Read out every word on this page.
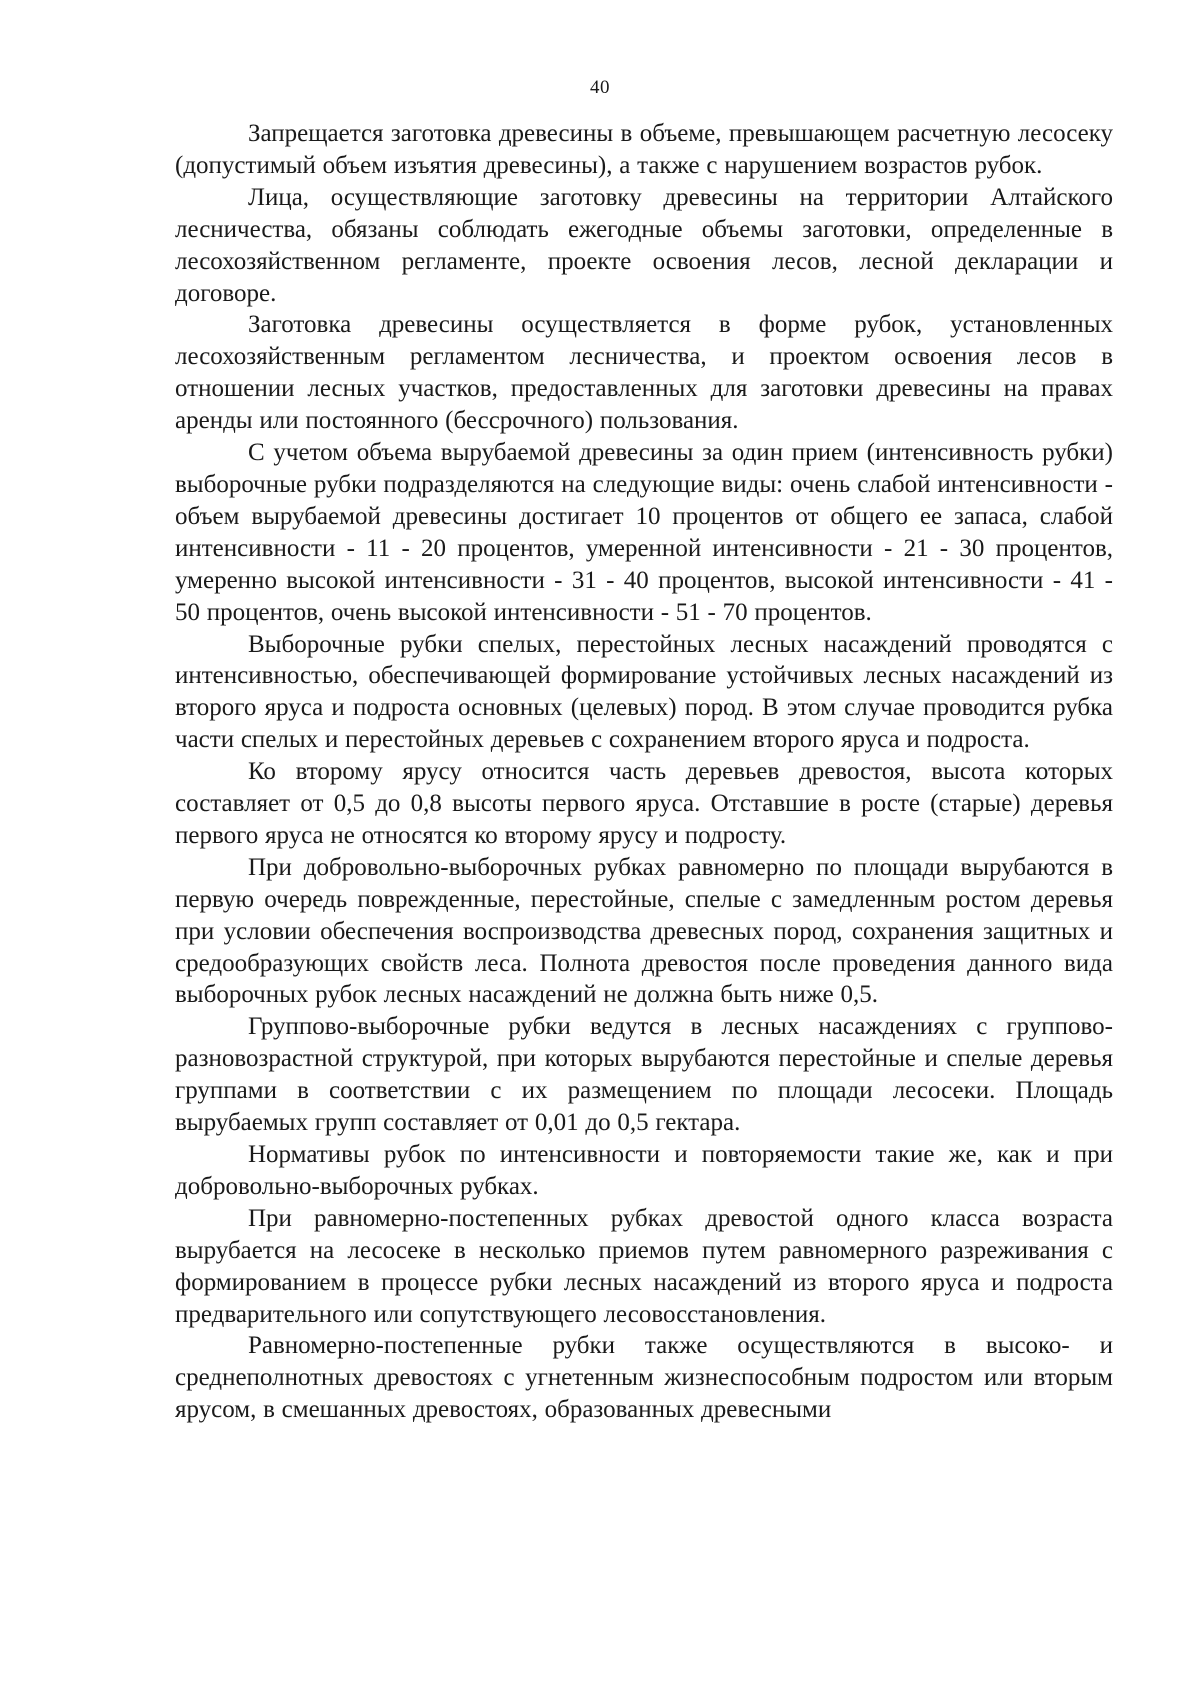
40

Запрещается заготовка древесины в объеме, превышающем расчетную лесосеку (допустимый объем изъятия древесины), а также с нарушением возрастов рубок.

Лица, осуществляющие заготовку древесины на территории Алтайского лесничества, обязаны соблюдать ежегодные объемы заготовки, определенные в лесохозяйственном регламенте, проекте освоения лесов, лесной декларации и договоре.

Заготовка древесины осуществляется в форме рубок, установленных лесохозяйственным регламентом лесничества, и проектом освоения лесов в отношении лесных участков, предоставленных для заготовки древесины на правах аренды или постоянного (бессрочного) пользования.

С учетом объема вырубаемой древесины за один прием (интенсивность рубки) выборочные рубки подразделяются на следующие виды: очень слабой интенсивности - объем вырубаемой древесины достигает 10 процентов от общего ее запаса, слабой интенсивности - 11 - 20 процентов, умеренной интенсивности - 21 - 30 процентов, умеренно высокой интенсивности - 31 - 40 процентов, высокой интенсивности - 41 - 50 процентов, очень высокой интенсивности - 51 - 70 процентов.

Выборочные рубки спелых, перестойных лесных насаждений проводятся с интенсивностью, обеспечивающей формирование устойчивых лесных насаждений из второго яруса и подроста основных (целевых) пород. В этом случае проводится рубка части спелых и перестойных деревьев с сохранением второго яруса и подроста.

Ко второму ярусу относится часть деревьев древостоя, высота которых составляет от 0,5 до 0,8 высоты первого яруса. Отставшие в росте (старые) деревья первого яруса не относятся ко второму ярусу и подросту.

При добровольно-выборочных рубках равномерно по площади вырубаются в первую очередь поврежденные, перестойные, спелые с замедленным ростом деревья при условии обеспечения воспроизводства древесных пород, сохранения защитных и средообразующих свойств леса. Полнота древостоя после проведения данного вида выборочных рубок лесных насаждений не должна быть ниже 0,5.

Группово-выборочные рубки ведутся в лесных насаждениях с группово-разновозрастной структурой, при которых вырубаются перестойные и спелые деревья группами в соответствии с их размещением по площади лесосеки. Площадь вырубаемых групп составляет от 0,01 до 0,5 гектара.

Нормативы рубок по интенсивности и повторяемости такие же, как и при добровольно-выборочных рубках.

При равномерно-постепенных рубках древостой одного класса возраста вырубается на лесосеке в несколько приемов путем равномерного разреживания с формированием в процессе рубки лесных насаждений из второго яруса и подроста предварительного или сопутствующего лесовосстановления.

Равномерно-постепенные рубки также осуществляются в высоко- и среднеполнотных древостоях с угнетенным жизнеспособным подростом или вторым ярусом, в смешанных древостоях, образованных древесными
